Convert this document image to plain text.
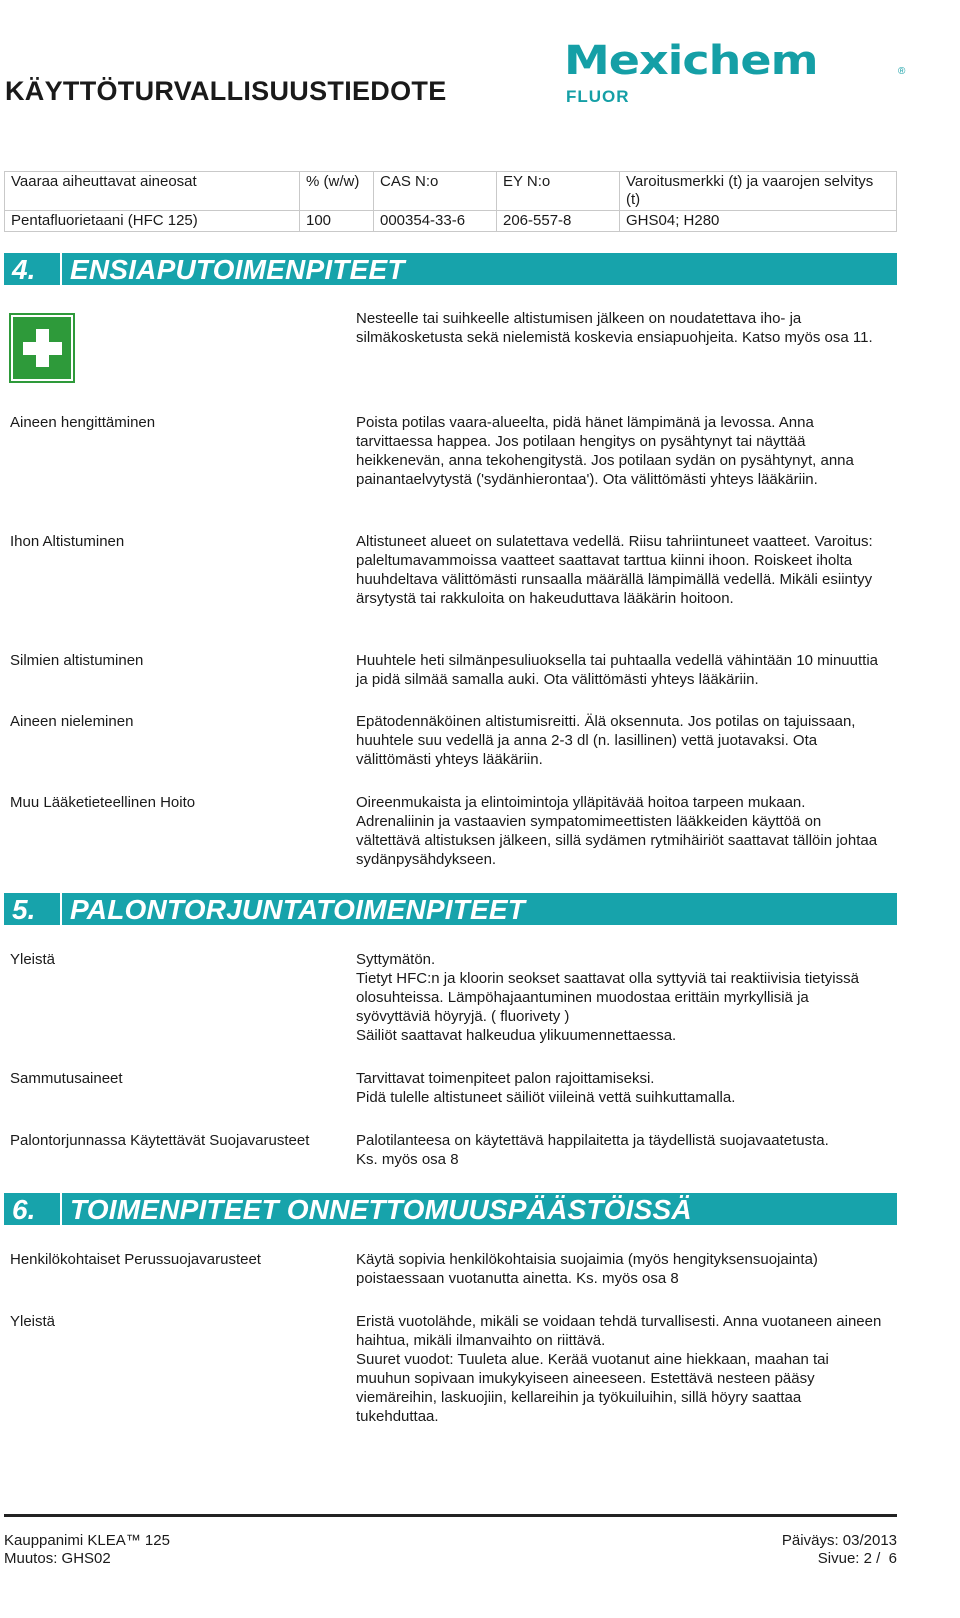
KÄYTTÖTURVALLISUUSTIEDOTE
Mexichem	®
FLUOR
Vaaraa aiheuttavat aineosat	% (w/w)	CAS N:o	EY N:o	Varoitusmerkki (t) ja vaarojen selvitys (t)
Pentafluorietaani (HFC 125)	100	000354-33-6	206-557-8	GHS04; H280
4. ENSIAPUTOIMENPITEET
Nesteelle tai suihkeelle altistumisen jälkeen on noudatettava iho- ja silmäkosketusta sekä nielemistä koskevia ensiapuohjeita. Katso myös osa 11.
Aineen hengittäminen	Poista potilas vaara-alueelta, pidä hänet lämpimänä ja levossa. Anna tarvittaessa happea. Jos potilaan hengitys on pysähtynyt tai näyttää heikkenevän, anna tekohengitystä. Jos potilaan sydän on pysähtynyt, anna painantaelvytystä ('sydänhierontaa'). Ota välittömästi yhteys lääkäriin.
Ihon Altistuminen	Altistuneet alueet on sulatettava vedellä. Riisu tahriintuneet vaatteet. Varoitus: paleltumavammoissa vaatteet saattavat tarttua kiinni ihoon. Roiskeet iholta huuhdeltava välittömästi runsaalla määrällä lämpimällä vedellä. Mikäli esiintyy ärsytystä tai rakkuloita on hakeuduttava lääkärin hoitoon.
Silmien altistuminen	Huuhtele heti silmänpesuliuoksella tai puhtaalla vedellä vähintään 10 minuuttia ja pidä silmää samalla auki. Ota välittömästi yhteys lääkäriin.
Aineen nieleminen	Epätodennäköinen altistumisreitti. Älä oksennuta. Jos potilas on tajuissaan, huuhtele suu vedellä ja anna 2-3 dl (n. lasillinen) vettä juotavaksi. Ota välittömästi yhteys lääkäriin.
Muu Lääketieteellinen Hoito	Oireenmukaista ja elintoimintoja ylläpitävää hoitoa tarpeen mukaan. Adrenaliinin ja vastaavien sympatomimeettisten lääkkeiden käyttöä on vältettävä altistuksen jälkeen, sillä sydämen rytmihäiriöt saattavat tällöin johtaa sydänpysähdykseen.
5. PALONTORJUNTATOIMENPITEET
Yleistä	Syttymätön.
Tietyt HFC:n ja kloorin seokset saattavat olla syttyviä tai reaktiivisia tietyissä olosuhteissa. Lämpöhajaantuminen muodostaa erittäin myrkyllisiä ja syövyttäviä höyryjä. ( fluorivety )
Säiliöt saattavat halkeudua ylikuumennettaessa.
Sammutusaineet	Tarvittavat toimenpiteet palon rajoittamiseksi.
Pidä tulelle altistuneet säiliöt viileinä vettä suihkuttamalla.
Palontorjunnassa Käytettävät Suojavarusteet	Palotilanteesa on käytettävä happilaitetta ja täydellistä suojavaatetusta.
Ks. myös osa 8
6. TOIMENPITEET ONNETTOMUUSPÄÄSTÖISSÄ
Henkilökohtaiset Perussuojavarusteet	Käytä sopivia henkilökohtaisia suojaimia (myös hengityksensuojainta) poistaessaan vuotanutta ainetta. Ks. myös osa 8
Yleistä	Eristä vuotolähde, mikäli se voidaan tehdä turvallisesti. Anna vuotaneen aineen haihtua, mikäli ilmanvaihto on riittävä.
Suuret vuodot: Tuuleta alue. Kerää vuotanut aine hiekkaan, maahan tai muuhun sopivaan imukykyiseen aineeseen. Estettävä nesteen pääsy viemäreihin, laskuojiin, kellareihin ja työkuiluihin, sillä höyry saattaa tukehduttaa.
Kauppanimi KLEA™ 125
Muutos: GHS02
Päiväys: 03/2013
Sivue: 2 /  6
